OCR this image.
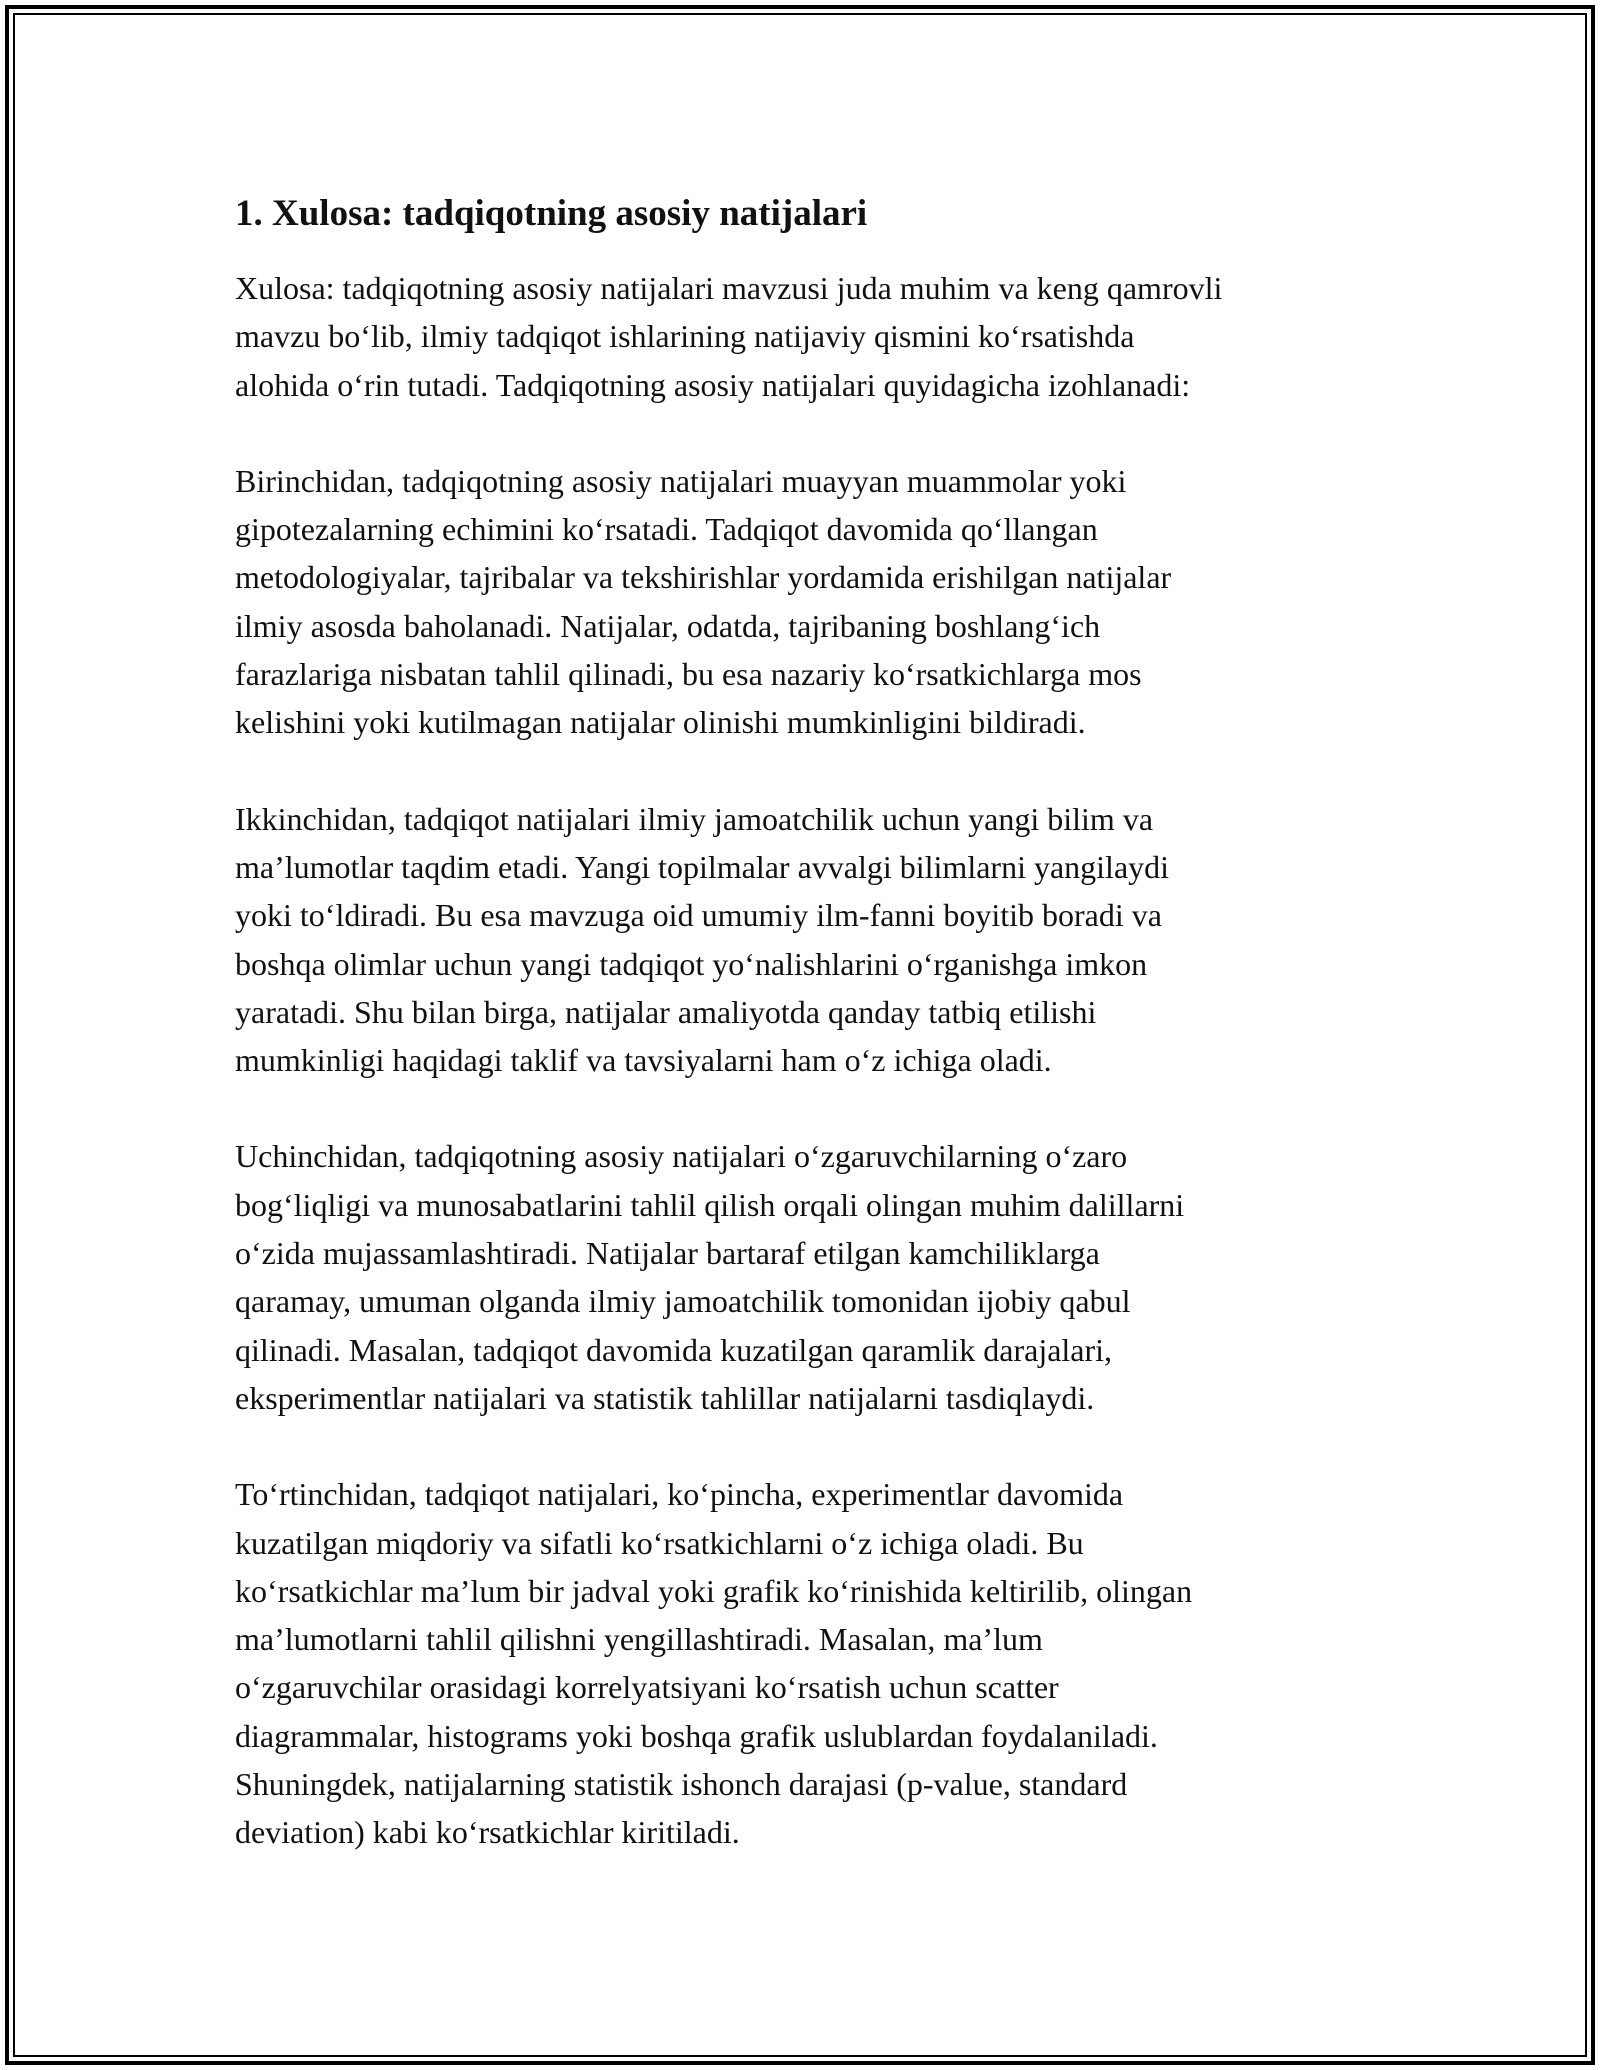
1. Xulosa: tadqiqotning asosiy natijalari

Xulosa: tadqiqotning asosiy natijalari mavzusi juda muhim va keng qamrovli
mavzu boʻlib, ilmiy tadqiqot ishlarining natijaviy qismini koʻrsatishda
alohida oʻrin tutadi. Tadqiqotning asosiy natijalari quyidagicha izohlanadi:

Birinchidan, tadqiqotning asosiy natijalari muayyan muammolar yoki
gipotezalarning echimini koʻrsatadi. Tadqiqot davomida qoʻllangan
metodologiyalar, tajribalar va tekshirishlar yordamida erishilgan natijalar
ilmiy asosda baholanadi. Natijalar, odatda, tajribaning boshlangʻich
farazlariga nisbatan tahlil qilinadi, bu esa nazariy koʻrsatkichlarga mos
kelishini yoki kutilmagan natijalar olinishi mumkinligini bildiradi.

Ikkinchidan, tadqiqot natijalari ilmiy jamoatchilik uchun yangi bilim va
maʼlumotlar taqdim etadi. Yangi topilmalar avvalgi bilimlarni yangilaydi
yoki toʻldiradi. Bu esa mavzuga oid umumiy ilm-fanni boyitib boradi va
boshqa olimlar uchun yangi tadqiqot yoʻnalishlarini oʻrganishga imkon
yaratadi. Shu bilan birga, natijalar amaliyotda qanday tatbiq etilishi
mumkinligi haqidagi taklif va tavsiyalarni ham oʻz ichiga oladi.

Uchinchidan, tadqiqotning asosiy natijalari oʻzgaruvchilarning oʻzaro
bogʻliqligi va munosabatlarini tahlil qilish orqali olingan muhim dalillarni
oʻzida mujassamlashtiradi. Natijalar bartaraf etilgan kamchiliklarga
qaramay, umuman olganda ilmiy jamoatchilik tomonidan ijobiy qabul
qilinadi. Masalan, tadqiqot davomida kuzatilgan qaramlik darajalari,
eksperimentlar natijalari va statistik tahlillar natijalarni tasdiqlaydi.

Toʻrtinchidan, tadqiqot natijalari, koʻpincha, experimentlar davomida
kuzatilgan miqdoriy va sifatli koʻrsatkichlarni oʻz ichiga oladi. Bu
koʻrsatkichlar maʼlum bir jadval yoki grafik koʻrinishida keltirilib, olingan
maʼlumotlarni tahlil qilishni yengillashtiradi. Masalan, maʼlum
oʻzgaruvchilar orasidagi korrelyatsiyani koʻrsatish uchun scatter
diagrammalar, histograms yoki boshqa grafik uslublardan foydalaniladi.
Shuningdek, natijalarning statistik ishonch darajasi (p-value, standard
deviation) kabi koʻrsatkichlar kiritiladi.
